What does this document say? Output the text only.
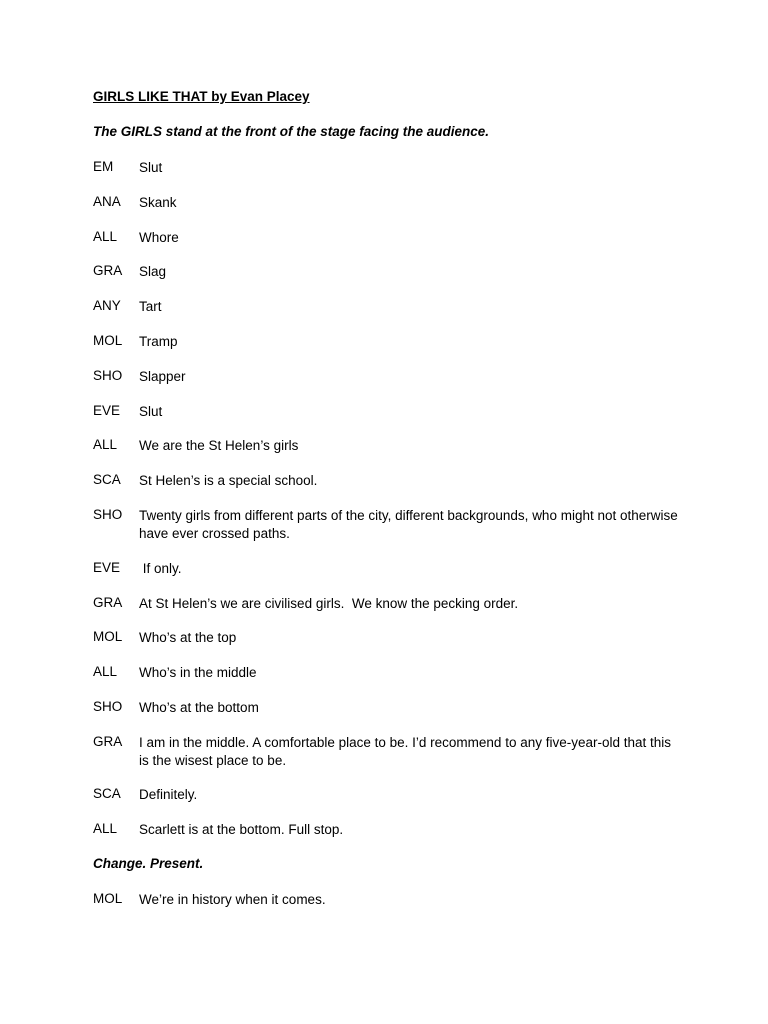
GIRLS LIKE THAT by Evan Placey
The GIRLS stand at the front of the stage facing the audience.
EM Slut
ANA Skank
ALL Whore
GRA Slag
ANY Tart
MOL Tramp
SHO Slapper
EVE Slut
ALL We are the St Helen’s girls
SCA St Helen’s is a special school.
SHO Twenty girls from different parts of the city, different backgrounds, who might not otherwise have ever crossed paths.
EVE If only.
GRA At St Helen’s we are civilised girls.  We know the pecking order.
MOL Who’s at the top
ALL Who’s in the middle
SHO Who’s at the bottom
GRA I am in the middle. A comfortable place to be. I’d recommend to any five-year-old that this is the wisest place to be.
SCA Definitely.
ALL Scarlett is at the bottom. Full stop.
Change. Present.
MOL We’re in history when it comes.
